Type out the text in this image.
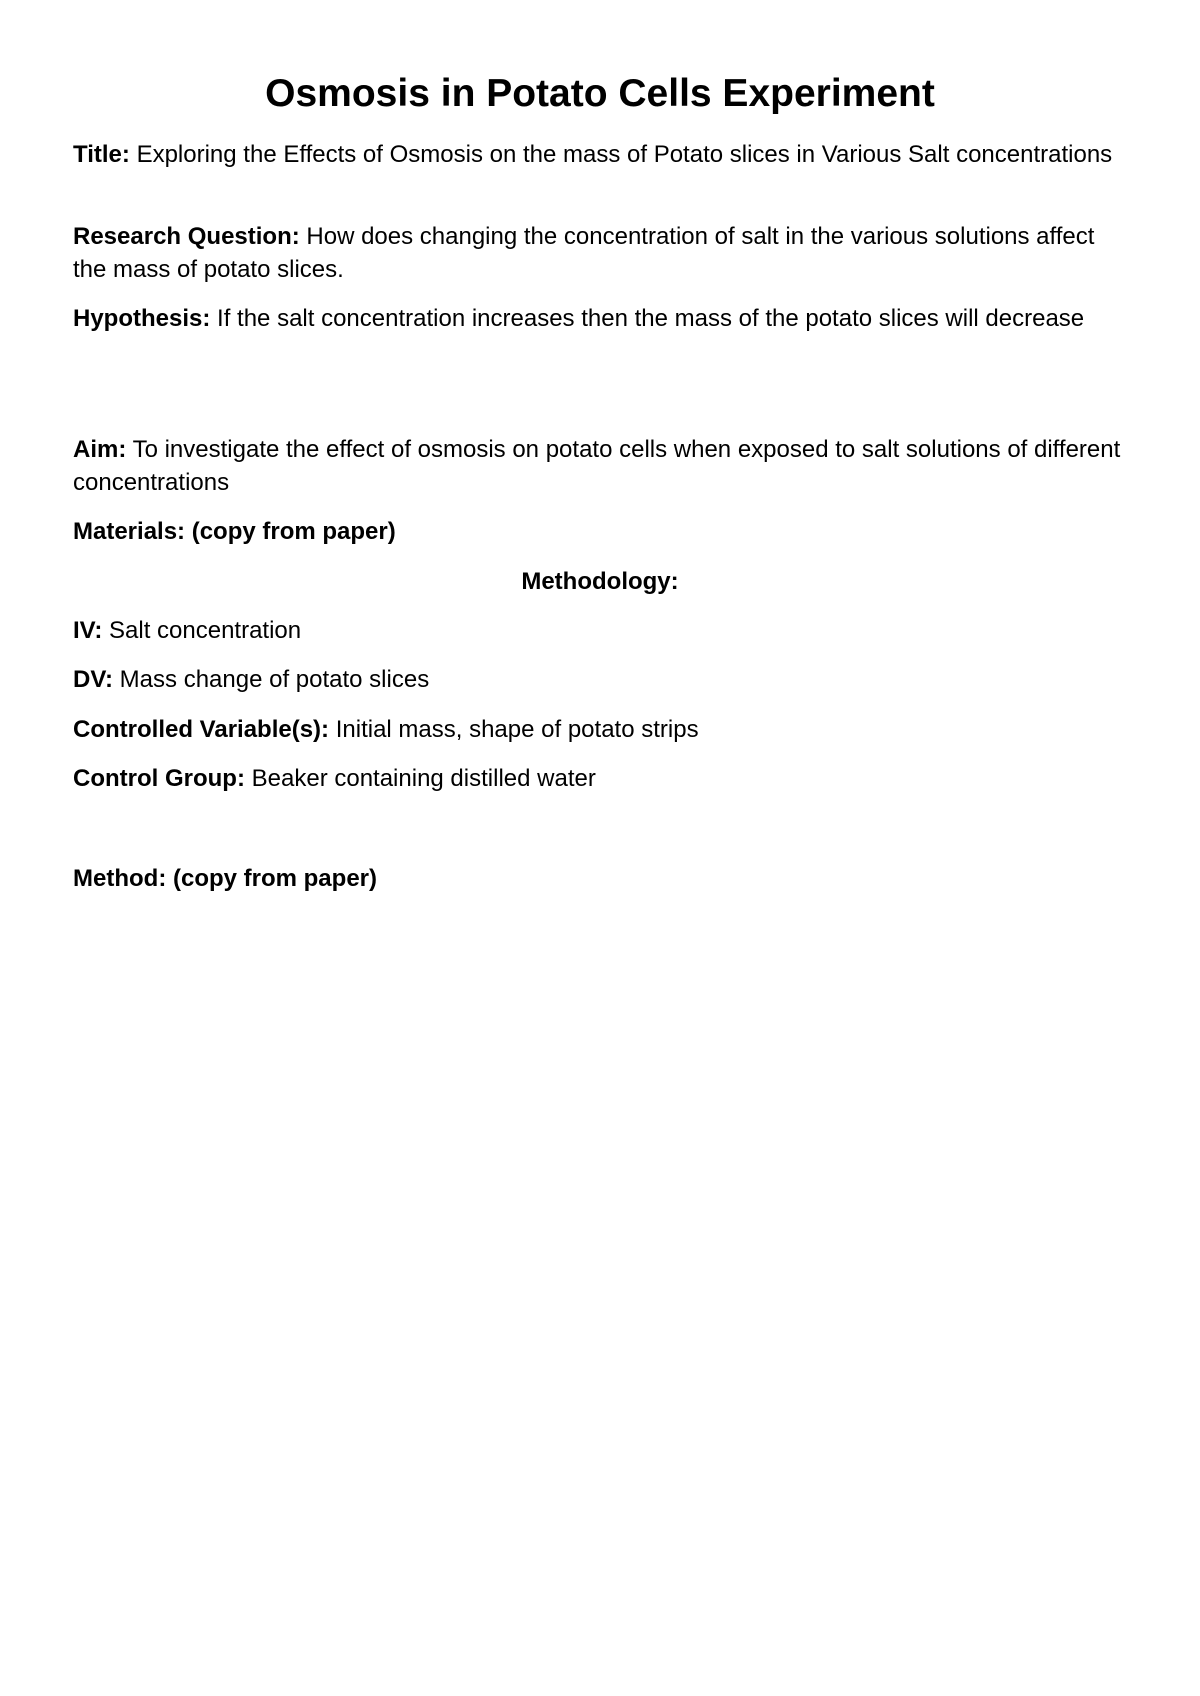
Osmosis in Potato Cells Experiment
Title: Exploring the Effects of Osmosis on the mass of Potato slices in Various Salt concentrations
Research Question: How does changing the concentration of salt in the various solutions affect the mass of potato slices.
Hypothesis: If the salt concentration increases then the mass of the potato slices will decrease
Aim: To investigate the effect of osmosis on potato cells when exposed to salt solutions of different concentrations
Materials: (copy from paper)
Methodology:
IV: Salt concentration
DV: Mass change of potato slices
Controlled Variable(s): Initial mass, shape of potato strips
Control Group: Beaker containing distilled water
Method: (copy from paper)
